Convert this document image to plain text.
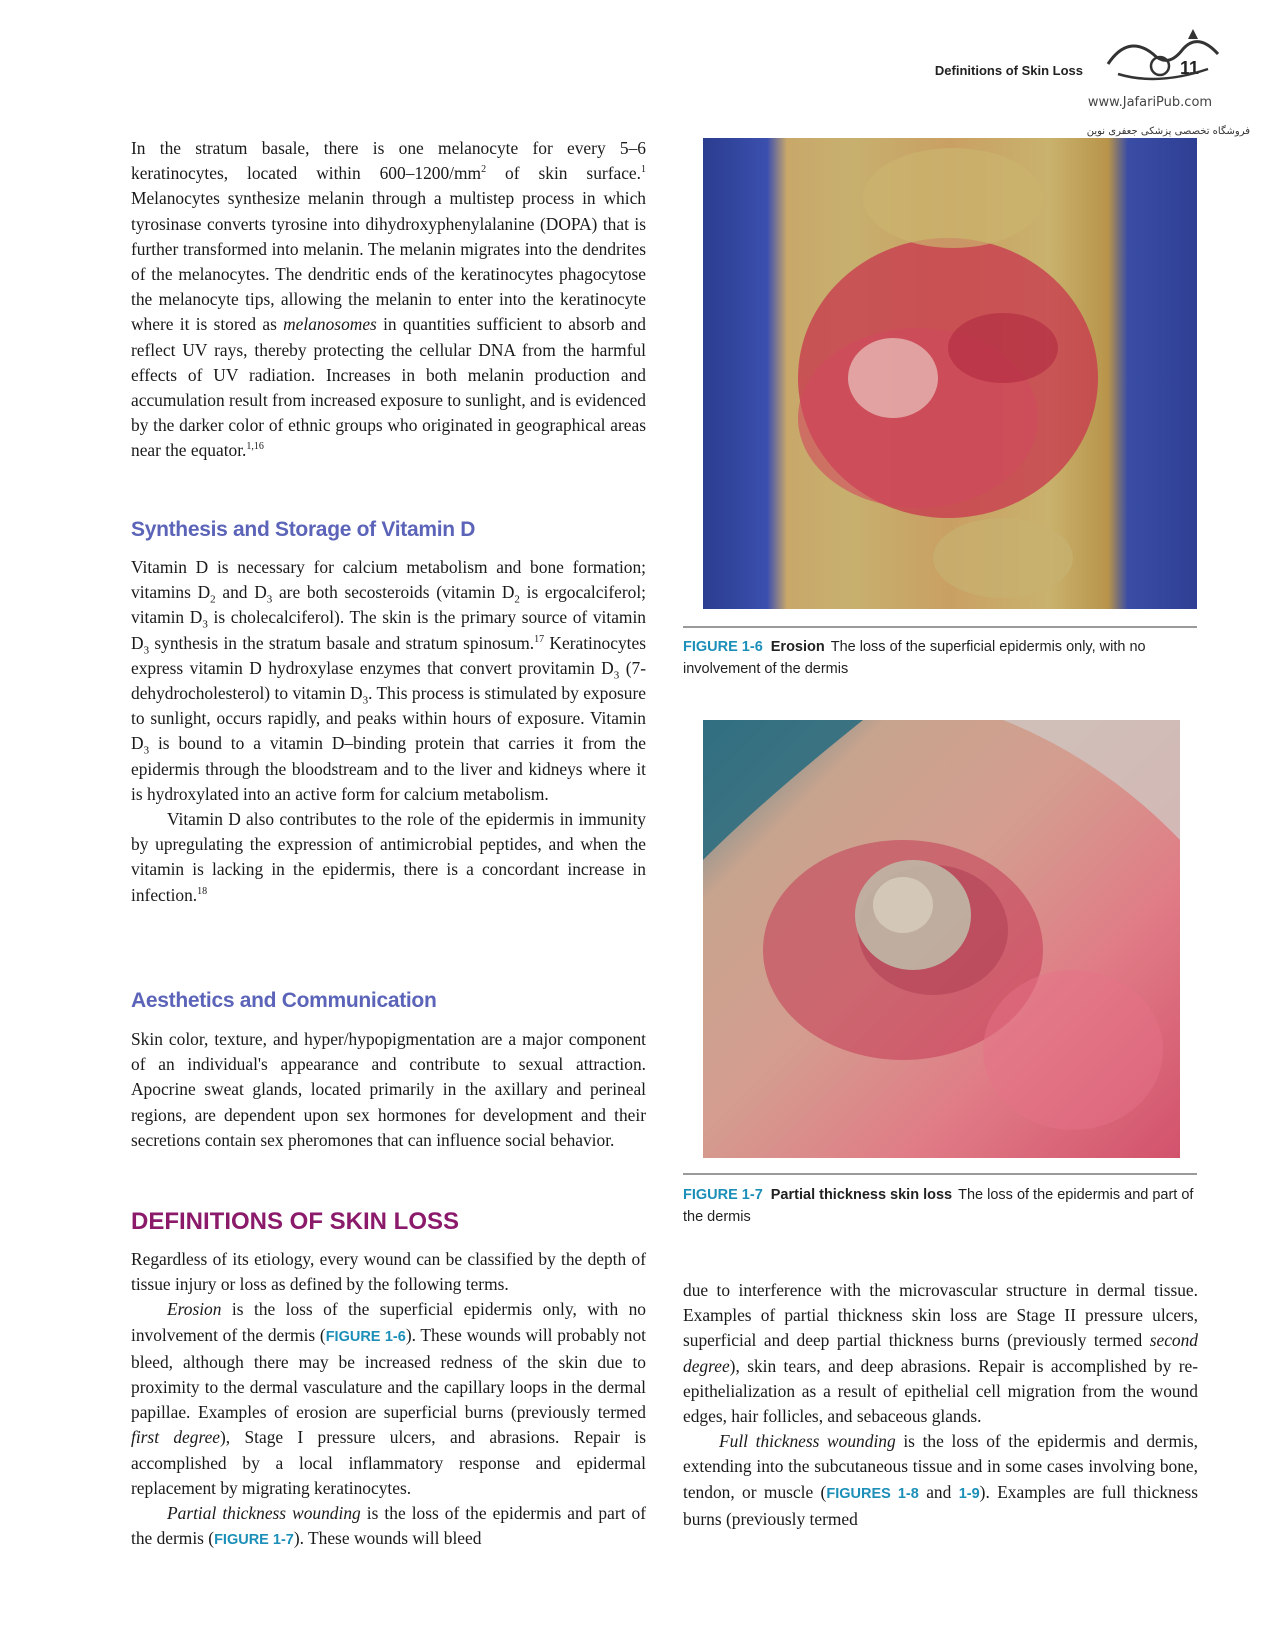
Definitions of Skin Loss	11
www.JafariPub.com
فروشگاه تخصصی پزشکی جعفری نوین

In the stratum basale, there is one melanocyte for every 5–6 keratinocytes, located within $600-1200/mm^2$ of skin surface.$^1$ Melanocytes synthesize melanin through a multistep process in which tyrosinase converts tyrosine into dihydroxyphenylalanine (DOPA) that is further transformed into melanin. The melanin migrates into the dendrites of the melanocytes. The dendritic ends of the keratinocytes phagocytose the melanocyte tips, allowing the melanin to enter into the keratinocyte where it is stored as melanosomes in quantities sufficient to absorb and reflect UV rays, thereby protecting the cellular DNA from the harmful effects of UV radiation. Increases in both melanin production and accumulation result from increased exposure to sunlight, and is evidenced by the darker color of ethnic groups who originated in geographical areas near the equator.$^{1,16}$

Synthesis and Storage of Vitamin D

Vitamin D is necessary for calcium metabolism and bone formation; vitamins $D_2$ and $D_3$ are both secosteroids (vitamin $D_2$ is ergocalciferol; vitamin $D_3$ is cholecalciferol). The skin is the primary source of vitamin $D_3$ synthesis in the stratum basale and stratum spinosum.$^{17}$ Keratinocytes express vitamin D hydroxylase enzymes that convert provitamin $D_3$ (7-dehydrocholesterol) to vitamin $D_3$. This process is stimulated by exposure to sunlight, occurs rapidly, and peaks within hours of exposure. Vitamin $D_3$ is bound to a vitamin D–binding protein that carries it from the epidermis through the bloodstream and to the liver and kidneys where it is hydroxylated into an active form for calcium metabolism.

Vitamin D also contributes to the role of the epidermis in immunity by upregulating the expression of antimicrobial peptides, and when the vitamin is lacking in the epidermis, there is a concordant increase in infection.$^{18}$

Aesthetics and Communication

Skin color, texture, and hyper/hypopigmentation are a major component of an individual's appearance and contribute to sexual attraction. Apocrine sweat glands, located primarily in the axillary and perineal regions, are dependent upon sex hormones for development and their secretions contain sex pheromones that can influence social behavior.

DEFINITIONS OF SKIN LOSS

Regardless of its etiology, every wound can be classified by the depth of tissue injury or loss as defined by the following terms.

Erosion is the loss of the superficial epidermis only, with no involvement of the dermis (FIGURE 1-6). These wounds will probably not bleed, although there may be increased redness of the skin due to proximity to the dermal vasculature and the capillary loops in the dermal papillae. Examples of erosion are superficial burns (previously termed first degree), Stage I pressure ulcers, and abrasions. Repair is accomplished by a local inflammatory response and epidermal replacement by migrating keratinocytes.

Partial thickness wounding is the loss of the epidermis and part of the dermis (FIGURE 1-7). These wounds will bleed

FIGURE 1-6 Erosion The loss of the superficial epidermis only, with no involvement of the dermis
FIGURE 1-7 Partial thickness skin loss The loss of the epidermis and part of the dermis

due to interference with the microvascular structure in dermal tissue. Examples of partial thickness skin loss are Stage II pressure ulcers, superficial and deep partial thickness burns (previously termed second degree), skin tears, and deep abrasions. Repair is accomplished by re-epithelialization as a result of epithelial cell migration from the wound edges, hair follicles, and sebaceous glands.

Full thickness wounding is the loss of the epidermis and dermis, extending into the subcutaneous tissue and in some cases involving bone, tendon, or muscle (FIGURES 1-8 and 1-9). Examples are full thickness burns (previously termed
